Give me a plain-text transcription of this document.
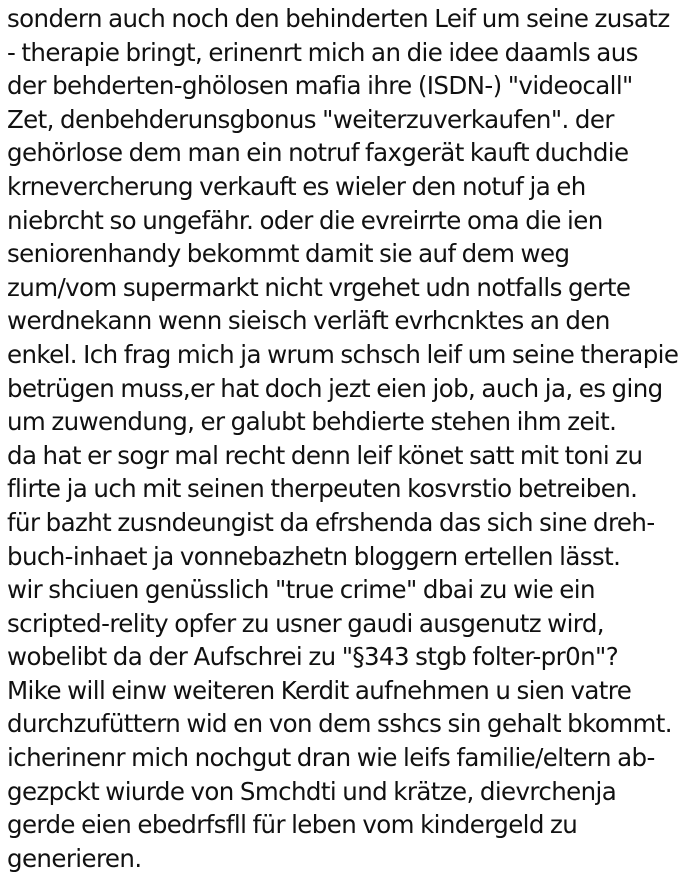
sondern auch noch den behinderten Leif um seine zusatz
- therapie bringt, erinenrt mich an die idee daamls aus
der behderten-ghölosen mafia ihre (ISDN-) "videocall"
Zet, denbehderunsgbonus "weiterzuverkaufen". der
gehörlose dem man ein notruf faxgerät kauft duchdie
krnevercherung verkauft es wieler den notuf ja eh
niebrcht so ungefähr. oder die evreirrte oma die ien
seniorenhandy bekommt damit sie auf dem weg
zum/vom supermarkt nicht vrgehet udn notfalls gerte
werdnekann wenn sieisch verläft evrhcnktes an den
enkel. Ich frag mich ja wrum schsch leif um seine therapie
betrügen muss,er hat doch jezt eien job, auch ja, es ging
um zuwendung, er galubt behdierte stehen ihm zeit.
da hat er sogr mal recht denn leif könet satt mit toni zu
flirte ja uch mit seinen therpeuten kosvrstio betreiben.
für bazht zusndeungist da efrshenda das sich sine dreh-
buch-inhaet ja vonnebazhetn bloggern ertellen lässt.
wir shciuen genüsslich "true crime" dbai zu wie ein
scripted-relity opfer zu usner gaudi ausgenutz wird,
wobelibt da der Aufschrei zu "§343 stgb folter-pr0n"?
Mike will einw weiteren Kerdit aufnehmen u sien vatre
durchzufüttern wid en von dem sshcs sin gehalt bkommt.
icherinenr mich nochgut dran wie leifs familie/eltern ab-
gezpckt wiurde von Smchdti und krätze, dievrchenja
gerde eien ebedrfsfll für leben vom kindergeld zu
generieren.
